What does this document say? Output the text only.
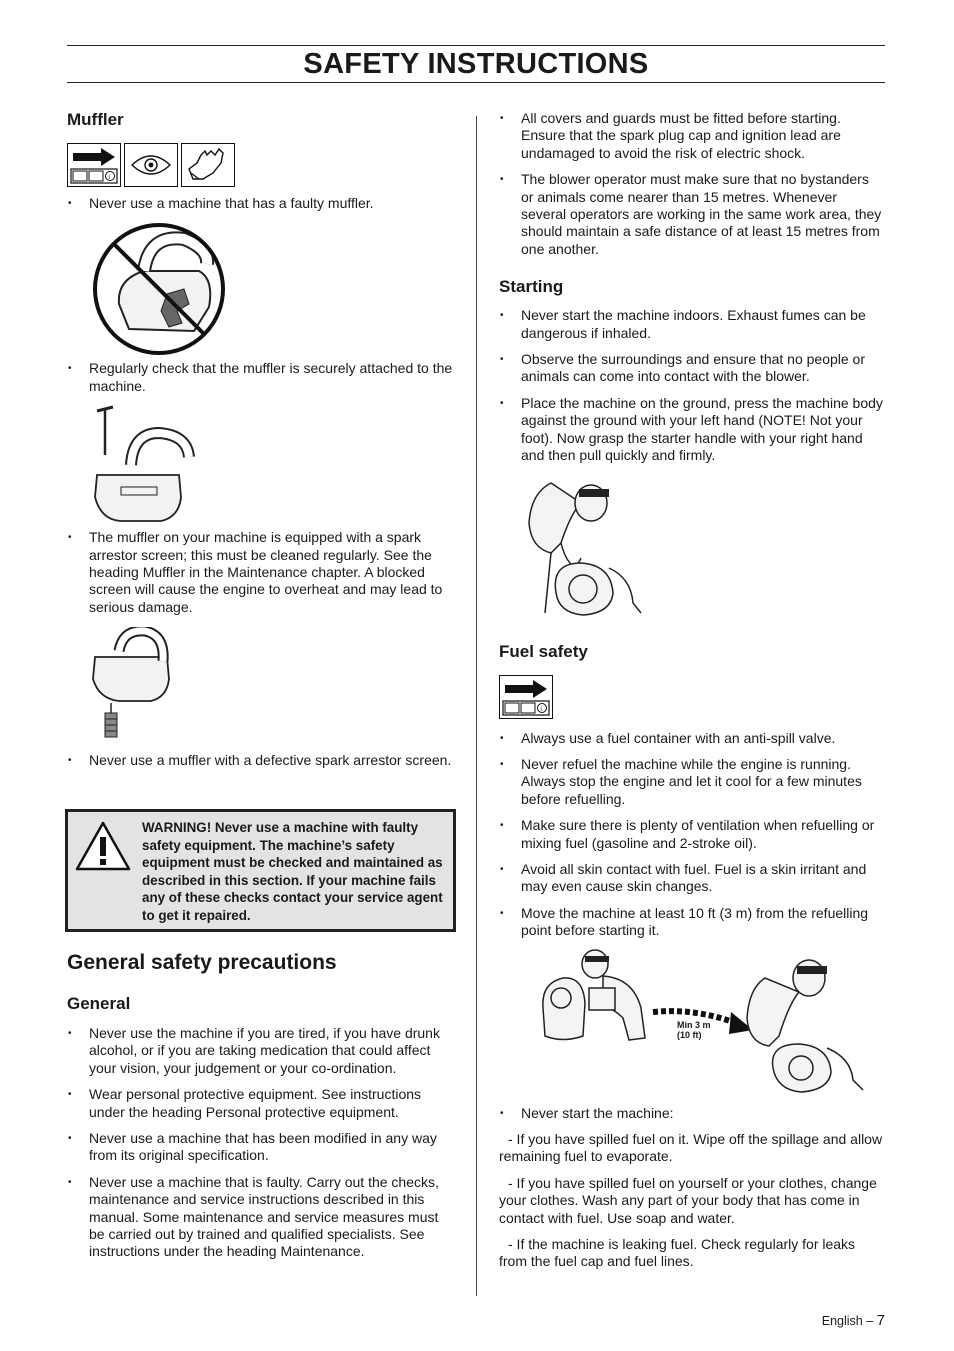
SAFETY INSTRUCTIONS
Muffler
i

• Never use a machine that has a faulty muffler.

• Regularly check that the muffler is securely attached to the machine.

• The muffler on your machine is equipped with a spark arrestor screen; this must be cleaned regularly. See the heading Muffler in the Maintenance chapter. A blocked screen will cause the engine to overheat and may lead to serious damage.

• Never use a muffler with a defective spark arrestor screen.

WARNING! Never use a machine with faulty safety equipment. The machine’s safety equipment must be checked and maintained as described in this section. If your machine fails any of these checks contact your service agent to get it repaired.

General safety precautions
General

• Never use the machine if you are tired, if you have drunk alcohol, or if you are taking medication that could affect your vision, your judgement or your co-ordination.

• Wear personal protective equipment. See instructions under the heading Personal protective equipment.

• Never use a machine that has been modified in any way from its original specification.

• Never use a machine that is faulty. Carry out the checks, maintenance and service instructions described in this manual. Some maintenance and service measures must be carried out by trained and qualified specialists. See instructions under the heading Maintenance.

• All covers and guards must be fitted before starting. Ensure that the spark plug cap and ignition lead are undamaged to avoid the risk of electric shock.

• The blower operator must make sure that no bystanders or animals come nearer than 15 metres. Whenever several operators are working in the same work area, they should maintain a safe distance of at least 15 metres from one another.

Starting

• Never start the machine indoors. Exhaust fumes can be dangerous if inhaled.

• Observe the surroundings and ensure that no people or animals can come into contact with the blower.

• Place the machine on the ground, press the machine body against the ground with your left hand (NOTE! Not your foot). Now grasp the starter handle with your right hand and then pull quickly and firmly.

Fuel safety
i

• Always use a fuel container with an anti-spill valve.

• Never refuel the machine while the engine is running. Always stop the engine and let it cool for a few minutes before refuelling.

• Make sure there is plenty of ventilation when refuelling or mixing fuel (gasoline and 2-stroke oil).

• Avoid all skin contact with fuel. Fuel is a skin irritant and may even cause skin changes.

• Move the machine at least 10 ft (3 m) from the refuelling point before starting it.

Min 3 m
(10 ft)

• Never start the machine:

- If you have spilled fuel on it. Wipe off the spillage and allow remaining fuel to evaporate.

- If you have spilled fuel on yourself or your clothes, change your clothes. Wash any part of your body that has come in contact with fuel. Use soap and water.

- If the machine is leaking fuel. Check regularly for leaks from the fuel cap and fuel lines.

English – 7
